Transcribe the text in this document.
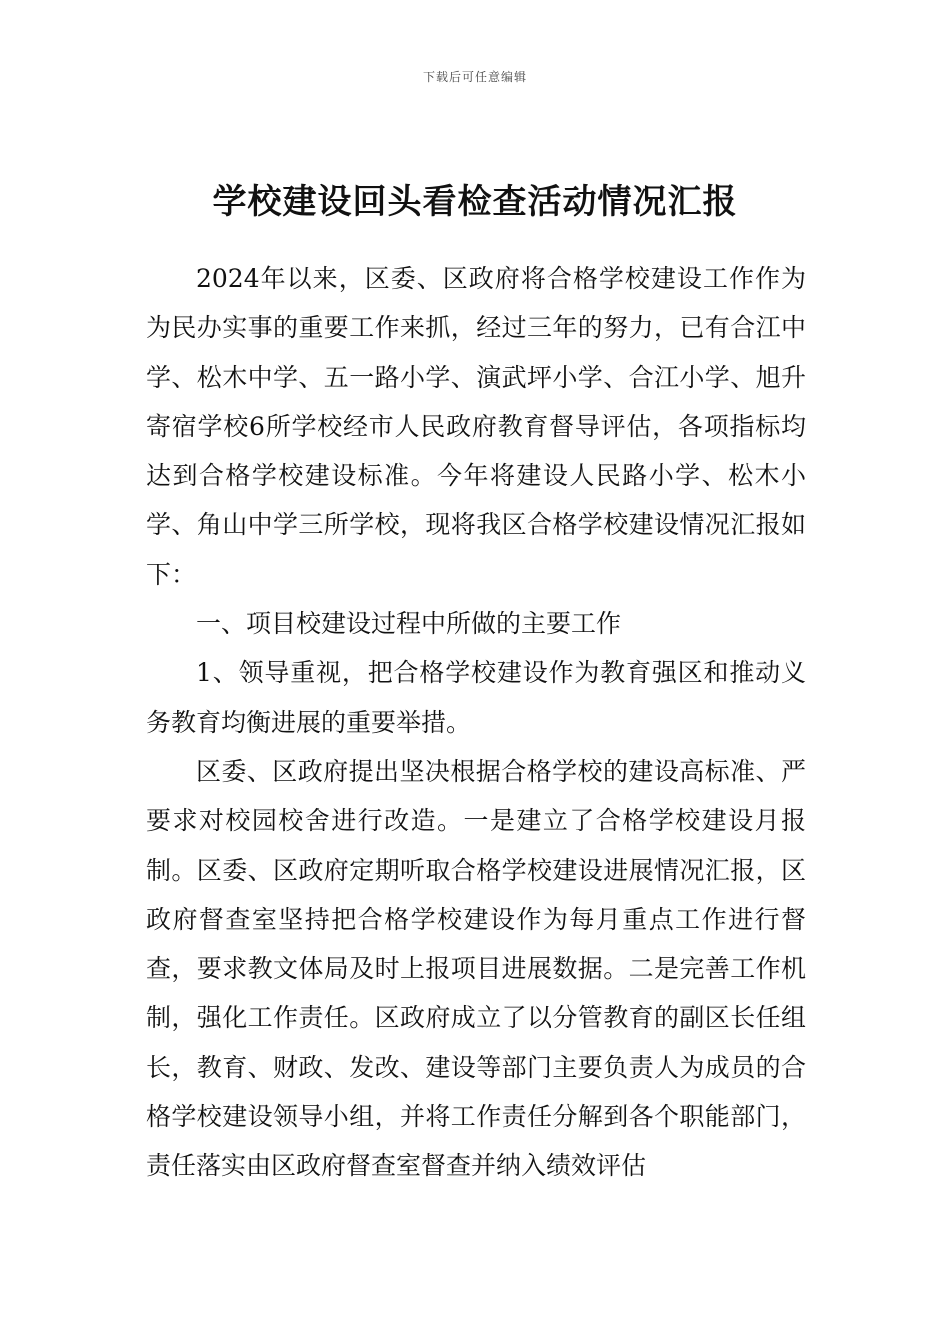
下载后可任意编辑
学校建设回头看检查活动情况汇报

2024年以来，区委、区政府将合格学校建设工作作为为民办实事的重要工作来抓，经过三年的努力，已有合江中学、松木中学、五一路小学、演武坪小学、合江小学、旭升寄宿学校6所学校经市人民政府教育督导评估，各项指标均达到合格学校建设标准。今年将建设人民路小学、松木小学、角山中学三所学校，现将我区合格学校建设情况汇报如下：

一、项目校建设过程中所做的主要工作

1、领导重视，把合格学校建设作为教育强区和推动义务教育均衡进展的重要举措。

区委、区政府提出坚决根据合格学校的建设高标准、严要求对校园校舍进行改造。一是建立了合格学校建设月报制。区委、区政府定期听取合格学校建设进展情况汇报，区政府督查室坚持把合格学校建设作为每月重点工作进行督查，要求教文体局及时上报项目进展数据。二是完善工作机制，强化工作责任。区政府成立了以分管教育的副区长任组长，教育、财政、发改、建设等部门主要负责人为成员的合格学校建设领导小组，并将工作责任分解到各个职能部门，责任落实由区政府督查室督查并纳入绩效评估
